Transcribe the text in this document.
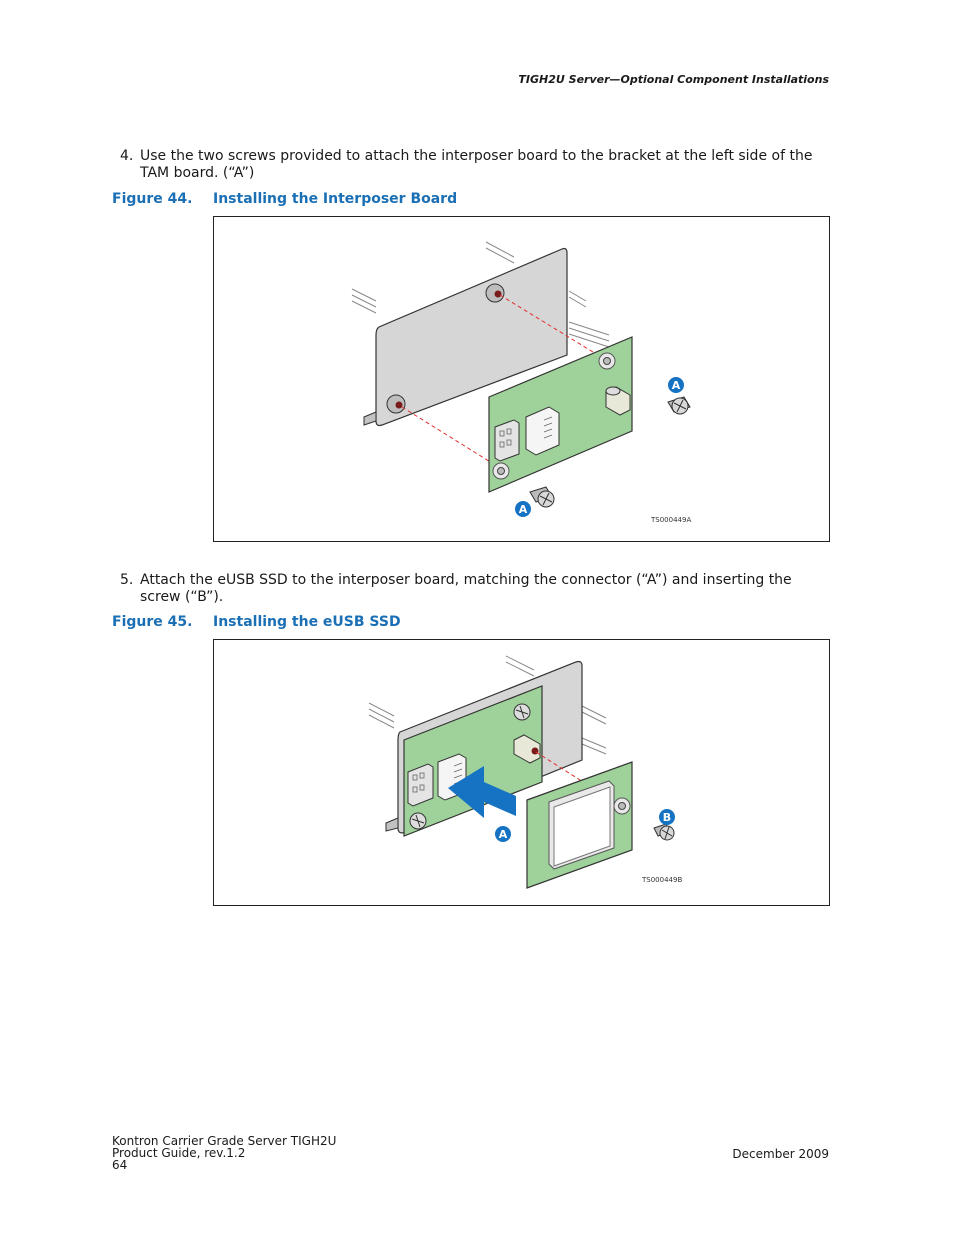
TIGH2U Server—Optional Component Installations
4. Use the two screws provided to attach the interposer board to the bracket at the left side of the TAM board. (“A”)
Figure 44. Installing the Interposer Board
A
A
TS000449A
5. Attach the eUSB SSD to the interposer board, matching the connector (“A”) and inserting the screw (“B”).
Figure 45. Installing the eUSB SSD
A
B
TS000449B
Kontron Carrier Grade Server TIGH2U
Product Guide, rev.1.2
64
December 2009
